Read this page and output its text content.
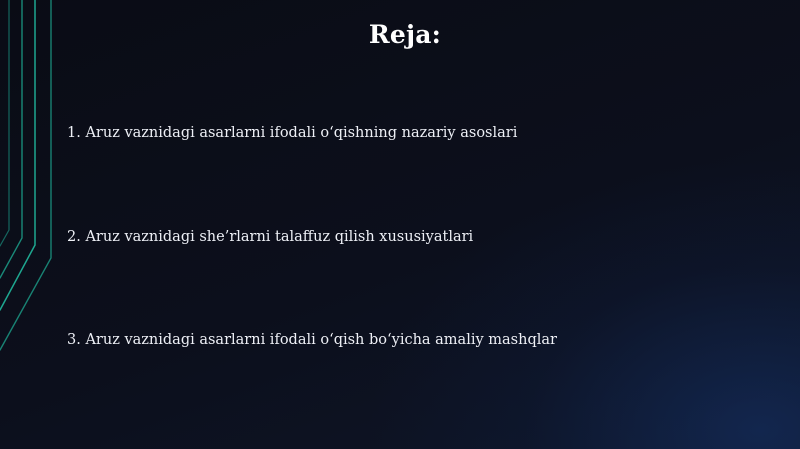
Reja:
1. Aruz vaznidagi asarlarni ifodali oʻqishning nazariy asoslari
2. Aruz vaznidagi she’rlarni talaffuz qilish xususiyatlari
3. Aruz vaznidagi asarlarni ifodali oʻqish boʻyicha amaliy mashqlar
